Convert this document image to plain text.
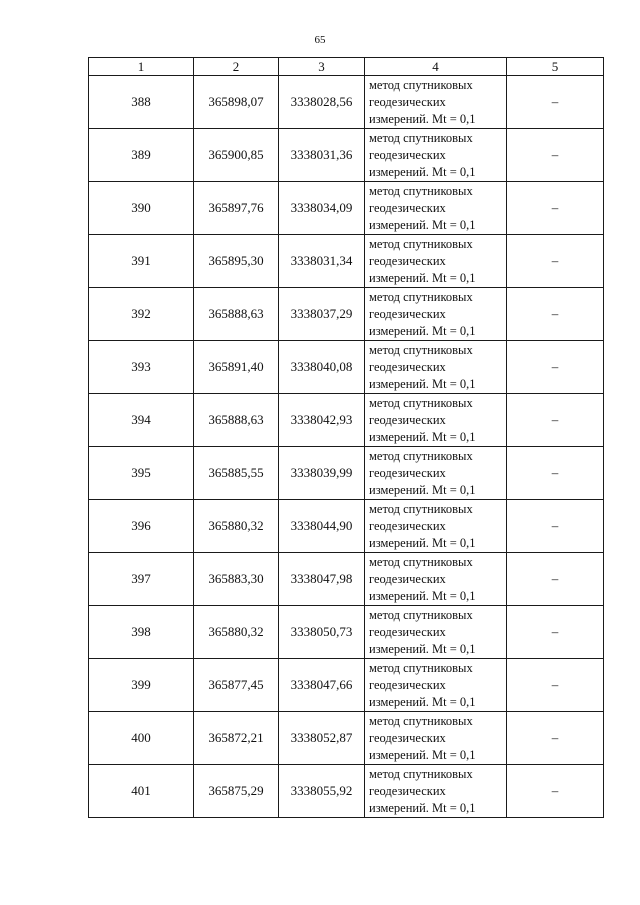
65
1	2	3	4	5
388	365898,07	3338028,56	метод спутниковых
геодезических
измерений. Mt = 0,1	–
389	365900,85	3338031,36	метод спутниковых
геодезических
измерений. Mt = 0,1	–
390	365897,76	3338034,09	метод спутниковых
геодезических
измерений. Mt = 0,1	–
391	365895,30	3338031,34	метод спутниковых
геодезических
измерений. Mt = 0,1	–
392	365888,63	3338037,29	метод спутниковых
геодезических
измерений. Mt = 0,1	–
393	365891,40	3338040,08	метод спутниковых
геодезических
измерений. Mt = 0,1	–
394	365888,63	3338042,93	метод спутниковых
геодезических
измерений. Mt = 0,1	–
395	365885,55	3338039,99	метод спутниковых
геодезических
измерений. Mt = 0,1	–
396	365880,32	3338044,90	метод спутниковых
геодезических
измерений. Mt = 0,1	–
397	365883,30	3338047,98	метод спутниковых
геодезических
измерений. Mt = 0,1	–
398	365880,32	3338050,73	метод спутниковых
геодезических
измерений. Mt = 0,1	–
399	365877,45	3338047,66	метод спутниковых
геодезических
измерений. Mt = 0,1	–
400	365872,21	3338052,87	метод спутниковых
геодезических
измерений. Mt = 0,1	–
401	365875,29	3338055,92	метод спутниковых
геодезических
измерений. Mt = 0,1	–
